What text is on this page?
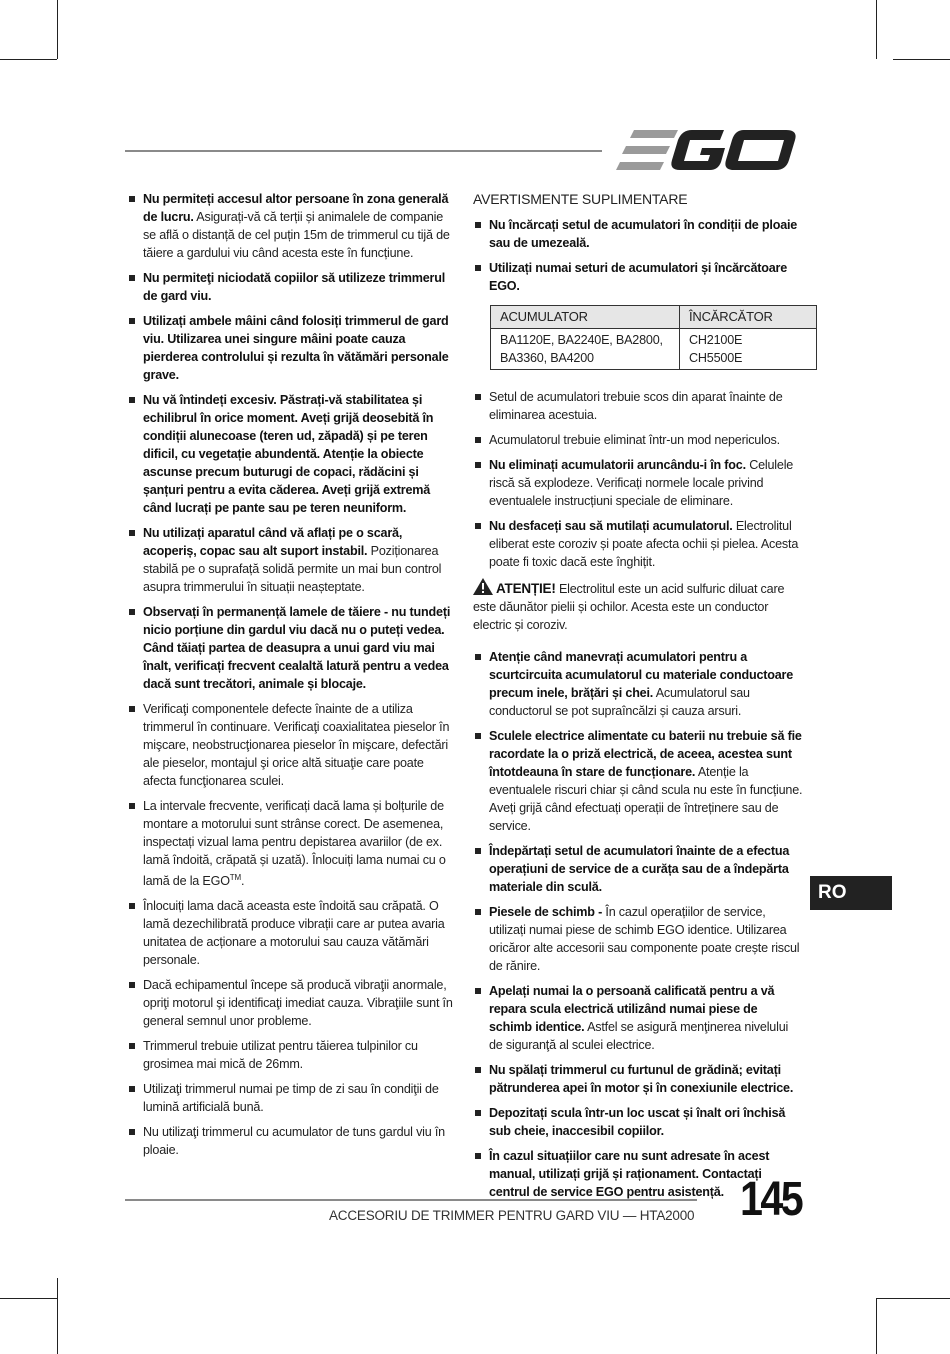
Nu permiteți accesul altor persoane în zona generală de lucru. Asigurați-vă că terții și animalele de companie se află o distanță de cel puțin 15m de trimmerul cu tijă de tăiere a gardului viu când acesta este în funcțiune.
Nu permiteţi niciodată copiilor să utilizeze trimmerul de gard viu.
Utilizați ambele mâini când folosiți trimmerul de gard viu. Utilizarea unei singure mâini poate cauza pierderea controlului și rezulta în vătămări personale grave.
Nu vă întindeți excesiv. Păstrați-vă stabilitatea și echilibrul în orice moment. Aveți grijă deosebită în condiții alunecoase (teren ud, zăpadă) și pe teren dificil, cu vegetație abundentă. Atenție la obiecte ascunse precum buturugi de copaci, rădăcini și șanțuri pentru a evita căderea. Aveți grijă extremă când lucrați pe pante sau pe teren neuniform.
Nu utilizați aparatul când vă aflați pe o scară, acoperiș, copac sau alt suport instabil. Poziționarea stabilă pe o suprafață solidă permite un mai bun control asupra trimmerului în situații neașteptate.
Observați în permanență lamele de tăiere - nu tundeți nicio porțiune din gardul viu dacă nu o puteți vedea. Când tăiați partea de deasupra a unui gard viu mai înalt, verificați frecvent cealaltă latură pentru a vedea dacă sunt trecători, animale și blocaje.
Verificaţi componentele defecte înainte de a utiliza trimmerul în continuare. Verificaţi coaxialitatea pieselor în mişcare, neobstrucţionarea pieselor în mişcare, defectări ale pieselor, montajul şi orice altă situaţie care poate afecta funcţionarea sculei.
La intervale frecvente, verificați dacă lama și bolțurile de montare a motorului sunt strânse corect. De asemenea, inspectați vizual lama pentru depistarea avariilor (de ex. lamă îndoită, crăpată și uzată). Înlocuiți lama numai cu o lamă de la EGO™.
Înlocuiți lama dacă aceasta este îndoită sau crăpată. O lamă dezechilibrată produce vibrații care ar putea avaria unitatea de acționare a motorului sau cauza vătămări personale.
Dacă echipamentul începe să producă vibraţii anormale, opriţi motorul şi identificaţi imediat cauza. Vibraţiile sunt în general semnul unor probleme.
Trimmerul trebuie utilizat pentru tăierea tulpinilor cu grosimea mai mică de 26mm.
Utilizaţi trimmerul numai pe timp de zi sau în condiţii de lumină artificială bună.
Nu utilizaţi trimmerul cu acumulator de tuns gardul viu în ploaie.
AVERTISMENTE SUPLIMENTARE
Nu încărcați setul de acumulatori în condiții de ploaie sau de umezeală.
Utilizați numai seturi de acumulatori și încărcătoare EGO.
ACUMULATOR	ÎNCĂRCĂTOR
BA1120E, BA2240E, BA2800,
BA3360, BA4200	CH2100E
CH5500E
Setul de acumulatori trebuie scos din aparat înainte de eliminarea acestuia.
Acumulatorul trebuie eliminat într-un mod nepericulos.
Nu eliminați acumulatorii aruncându-i în foc. Celulele riscă să explodeze. Verificați normele locale privind eventualele instrucțiuni speciale de eliminare.
Nu desfaceți sau să mutilați acumulatorul. Electrolitul eliberat este coroziv și poate afecta ochii și pielea. Acesta poate fi toxic dacă este înghițit.
ATENȚIE! Electrolitul este un acid sulfuric diluat care este dăunător pielii și ochilor. Acesta este un conductor electric și coroziv.
Atenție când manevrați acumulatori pentru a scurtcircuita acumulatorul cu materiale conductoare precum inele, brățări și chei. Acumulatorul sau conductorul se pot supraîncălzi și cauza arsuri.
Sculele electrice alimentate cu baterii nu trebuie să fie racordate la o priză electrică, de aceea, acestea sunt întotdeauna în stare de funcționare. Atenție la eventualele riscuri chiar și când scula nu este în funcțiune. Aveți grijă când efectuați operații de întreținere sau de service.
Îndepărtați setul de acumulatori înainte de a efectua operațiuni de service de a curăța sau de a îndepărta materiale din sculă.
Piesele de schimb - În cazul operațiilor de service, utilizați numai piese de schimb EGO identice. Utilizarea oricăror alte accesorii sau componente poate crește riscul de rănire.
Apelați numai la o persoană calificată pentru a vă repara scula electrică utilizând numai piese de schimb identice. Astfel se asigură menţinerea nivelului de siguranţă al sculei electrice.
Nu spălați trimmerul cu furtunul de grădină; evitați pătrunderea apei în motor și în conexiunile electrice.
Depozitați scula într-un loc uscat și înalt ori închisă sub cheie, inaccesibil copiilor.
În cazul situațiilor care nu sunt adresate în acest manual, utilizați grijă și raționament. Contactați centrul de service EGO pentru asistență.
RO
ACCESORIU DE TRIMMER PENTRU GARD VIU — HTA2000 145
